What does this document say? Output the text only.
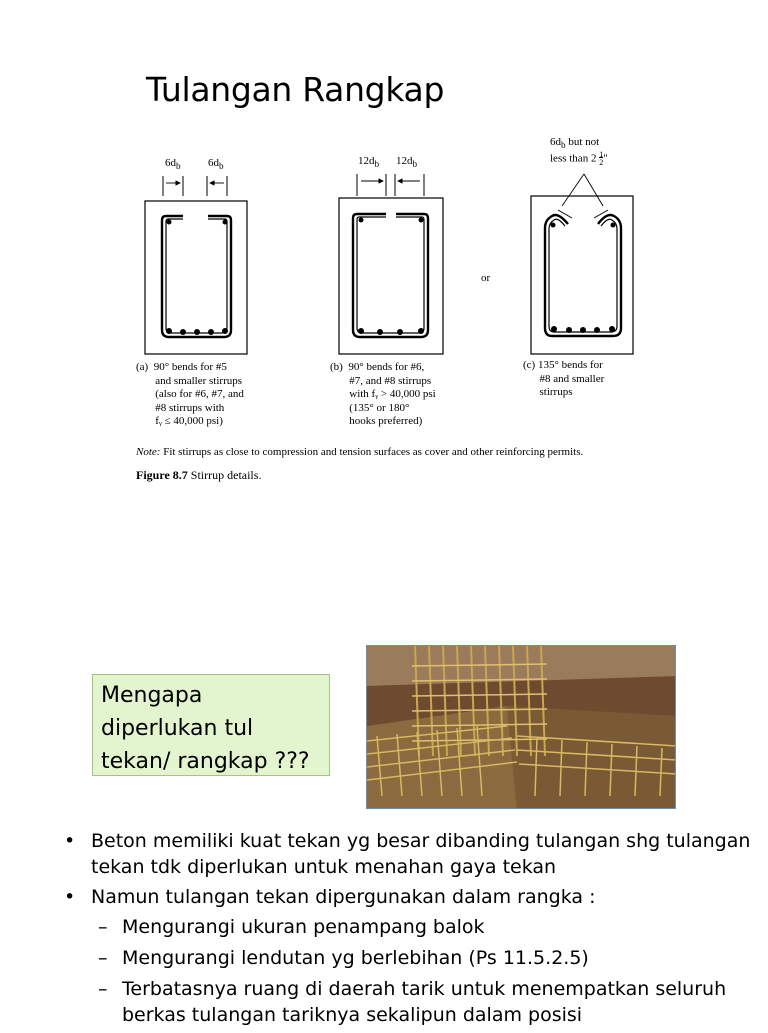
Tulangan Rangkap
$6d_b$ $6d_b$	$12d_b$ $12d_b$
$6d_b$ but not
less than $2 \frac{1}{2}$"
or
(a)  90° bends for #5
and smaller stirrups
(also for #6, #7, and
#8 stirrups with
fᵧ ≤ 40,000 psi)
(b)  90° bends for #6,
#7, and #8 stirrups
with fᵧ > 40,000 psi
(135° or 180°
hooks preferred)
(c) 135° bends for
#8 and smaller
stirrups
Note: Fit stirrups as close to compression and tension surfaces as cover and other reinforcing permits.
Figure 8.7 Stirrup details.
Mengapa
diperlukan tul
tekan/ rangkap ???
• Beton memiliki kuat tekan yg besar dibanding tulangan shg tulangan tekan tdk diperlukan untuk menahan gaya tekan
• Namun tulangan tekan dipergunakan dalam rangka :
– Mengurangi ukuran penampang balok
– Mengurangi lendutan yg berlebihan (Ps 11.5.2.5)
– Terbatasnya ruang di daerah tarik untuk menempatkan seluruh berkas tulangan tariknya sekalipun dalam posisi
